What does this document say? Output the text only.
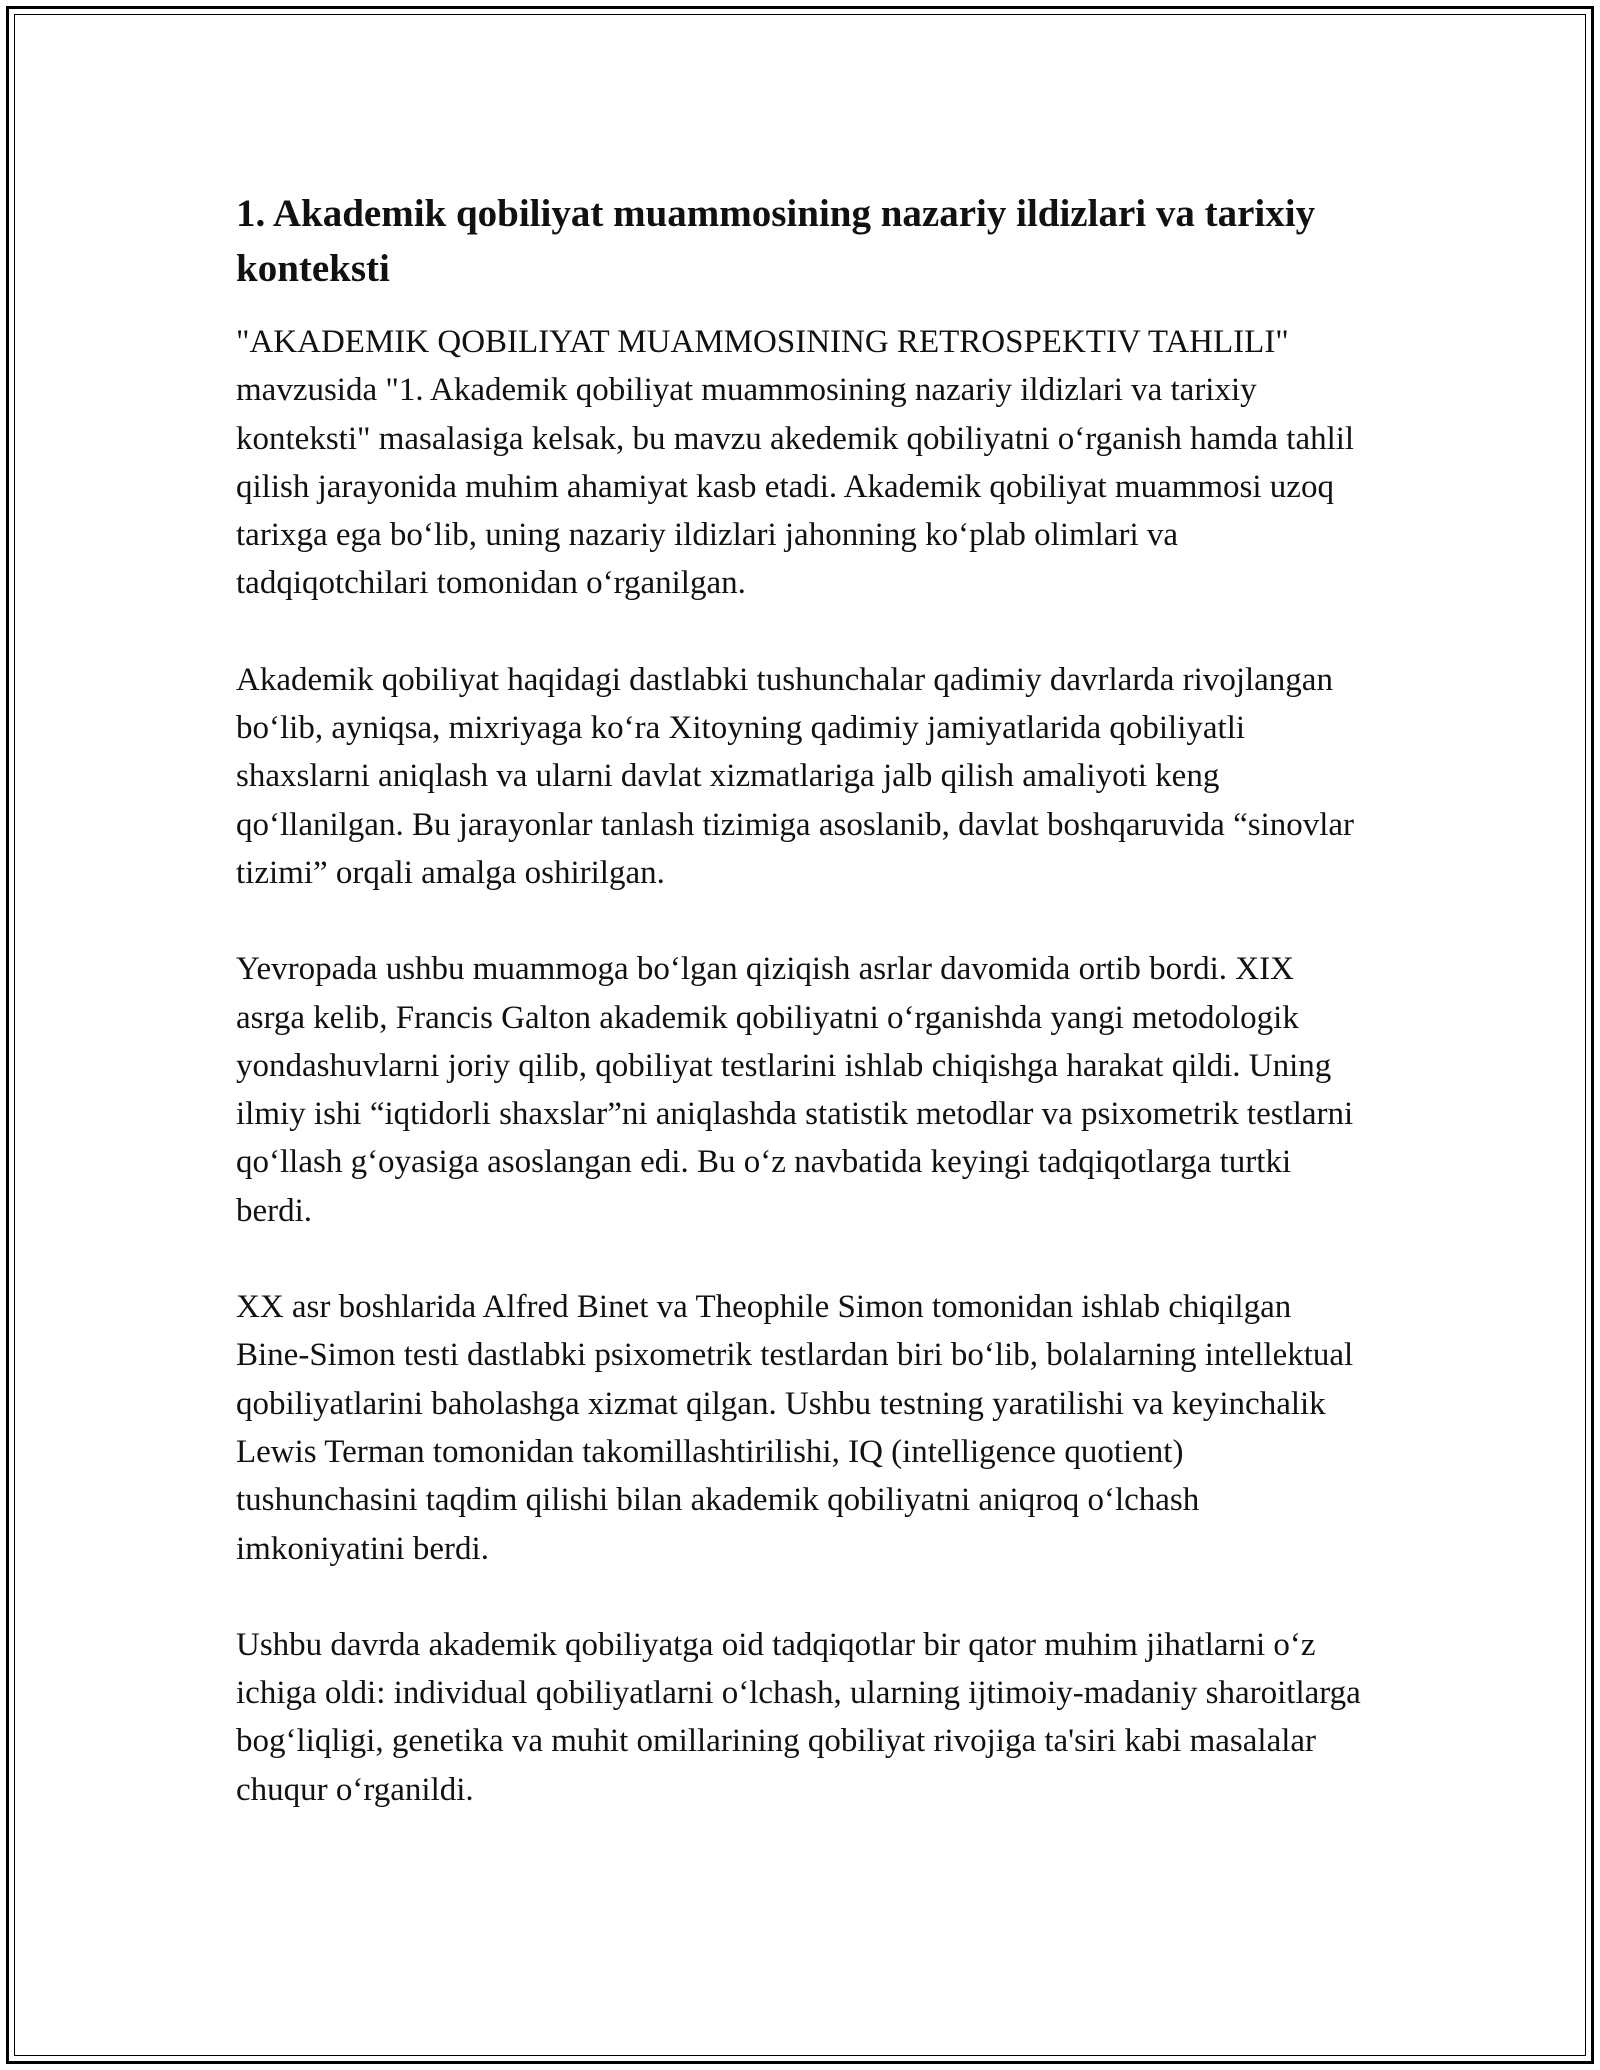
1. Akademik qobiliyat muammosining nazariy ildizlari va tarixiy konteksti

"AKADEMIK QOBILIYAT MUAMMOSINING RETROSPEKTIV TAHLILI" mavzusida "1. Akademik qobiliyat muammosining nazariy ildizlari va tarixiy konteksti" masalasiga kelsak, bu mavzu akedemik qobiliyatni o‘rganish hamda tahlil qilish jarayonida muhim ahamiyat kasb etadi. Akademik qobiliyat muammosi uzoq tarixga ega bo‘lib, uning nazariy ildizlari jahonning ko‘plab olimlari va tadqiqotchilari tomonidan o‘rganilgan.

Akademik qobiliyat haqidagi dastlabki tushunchalar qadimiy davrlarda rivojlangan bo‘lib, ayniqsa, mixriyaga ko‘ra Xitoyning qadimiy jamiyatlarida qobiliyatli shaxslarni aniqlash va ularni davlat xizmatlariga jalb qilish amaliyoti keng qo‘llanilgan. Bu jarayonlar tanlash tizimiga asoslanib, davlat boshqaruvida “sinovlar tizimi” orqali amalga oshirilgan.

Yevropada ushbu muammoga bo‘lgan qiziqish asrlar davomida ortib bordi. XIX asrga kelib, Francis Galton akademik qobiliyatni o‘rganishda yangi metodologik yondashuvlarni joriy qilib, qobiliyat testlarini ishlab chiqishga harakat qildi. Uning ilmiy ishi “iqtidorli shaxslar”ni aniqlashda statistik metodlar va psixometrik testlarni qo‘llash g‘oyasiga asoslangan edi. Bu o‘z navbatida keyingi tadqiqotlarga turtki berdi.

XX asr boshlarida Alfred Binet va Theophile Simon tomonidan ishlab chiqilgan Bine-Simon testi dastlabki psixometrik testlardan biri bo‘lib, bolalarning intellektual qobiliyatlarini baholashga xizmat qilgan. Ushbu testning yaratilishi va keyinchalik Lewis Terman tomonidan takomillashtirilishi, IQ (intelligence quotient) tushunchasini taqdim qilishi bilan akademik qobiliyatni aniqroq o‘lchash imkoniyatini berdi.

Ushbu davrda akademik qobiliyatga oid tadqiqotlar bir qator muhim jihatlarni o‘z ichiga oldi: individual qobiliyatlarni o‘lchash, ularning ijtimoiy-madaniy sharoitlarga bog‘liqligi, genetika va muhit omillarining qobiliyat rivojiga ta'siri kabi masalalar chuqur o‘rganildi.
